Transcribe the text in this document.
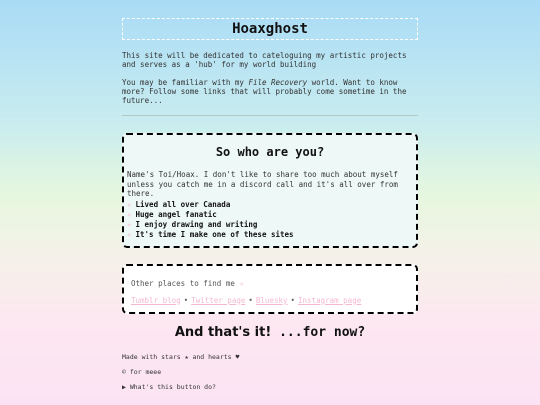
Hoaxghost

This site will be dedicated to cateloguing my artistic projects and serves as a 'hub' for my world building

You may be familiar with my File Recovery world. Want to know more? Follow some links that will probably come sometime in the future...

So who are you?
Name's Toi/Hoax. I don't like to share too much about myself unless you catch me in a discord call and it's all over from there.
✧ Lived all over Canada
✧ Huge angel fanatic
✧ I enjoy drawing and writing
✧ It's time I make one of these sites
Other places to find me ✧
Tumblr blog • Twitter page • Bluesky • Instagram page
And that's it! ...for now?

Made with stars ★ and hearts ♥

© for meee

▶ What's this button do?
